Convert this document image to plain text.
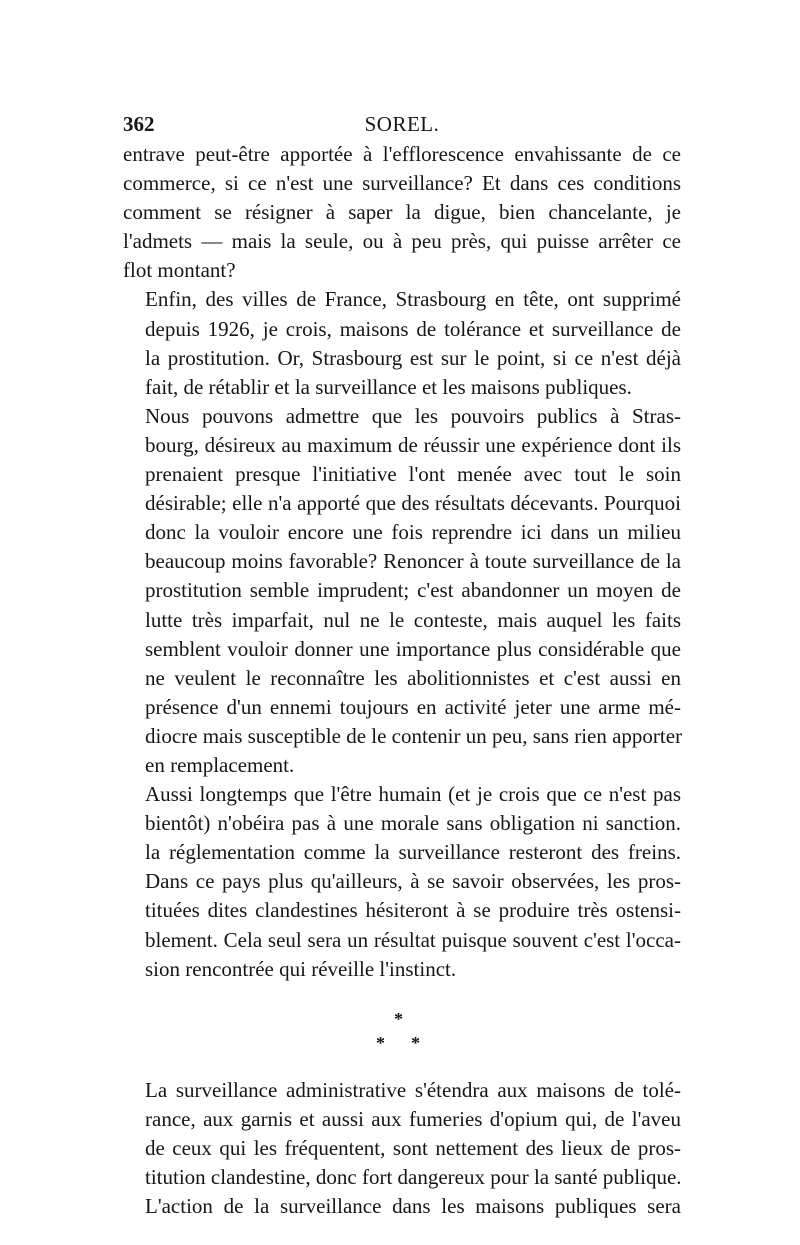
362	SOREL.

entrave peut-être apportée à l'efflorescence envahissante de ce
commerce, si ce n'est une surveillance? Et dans ces conditions
comment se résigner à saper la digue, bien chancelante, je
l'admets — mais la seule, ou à peu près, qui puisse arrêter ce
flot montant?

Enfin, des villes de France, Strasbourg en tête, ont supprimé
depuis 1926, je crois, maisons de tolérance et surveillance de
la prostitution. Or, Strasbourg est sur le point, si ce n'est déjà
fait, de rétablir et la surveillance et les maisons publiques.

Nous pouvons admettre que les pouvoirs publics à Stras-
bourg, désireux au maximum de réussir une expérience dont ils
prenaient presque l'initiative l'ont menée avec tout le soin
désirable; elle n'a apporté que des résultats décevants. Pourquoi
donc la vouloir encore une fois reprendre ici dans un milieu
beaucoup moins favorable? Renoncer à toute surveillance de la
prostitution semble imprudent; c'est abandonner un moyen de
lutte très imparfait, nul ne le conteste, mais auquel les faits
semblent vouloir donner une importance plus considérable que
ne veulent le reconnaître les abolitionnistes et c'est aussi en
présence d'un ennemi toujours en activité jeter une arme mé-
diocre mais susceptible de le contenir un peu, sans rien apporter
en remplacement.

Aussi longtemps que l'être humain (et je crois que ce n'est pas
bientôt) n'obéira pas à une morale sans obligation ni sanction.
la réglementation comme la surveillance resteront des freins.
Dans ce pays plus qu'ailleurs, à se savoir observées, les pros-
tituées dites clandestines hésiteront à se produire très ostensi-
blement. Cela seul sera un résultat puisque souvent c'est l'occa-
sion rencontrée qui réveille l'instinct.

*
* *

La surveillance administrative s'étendra aux maisons de tolé-
rance, aux garnis et aussi aux fumeries d'opium qui, de l'aveu
de ceux qui les fréquentent, sont nettement des lieux de pros-
titution clandestine, donc fort dangereux pour la santé publique.

L'action de la surveillance dans les maisons publiques sera
